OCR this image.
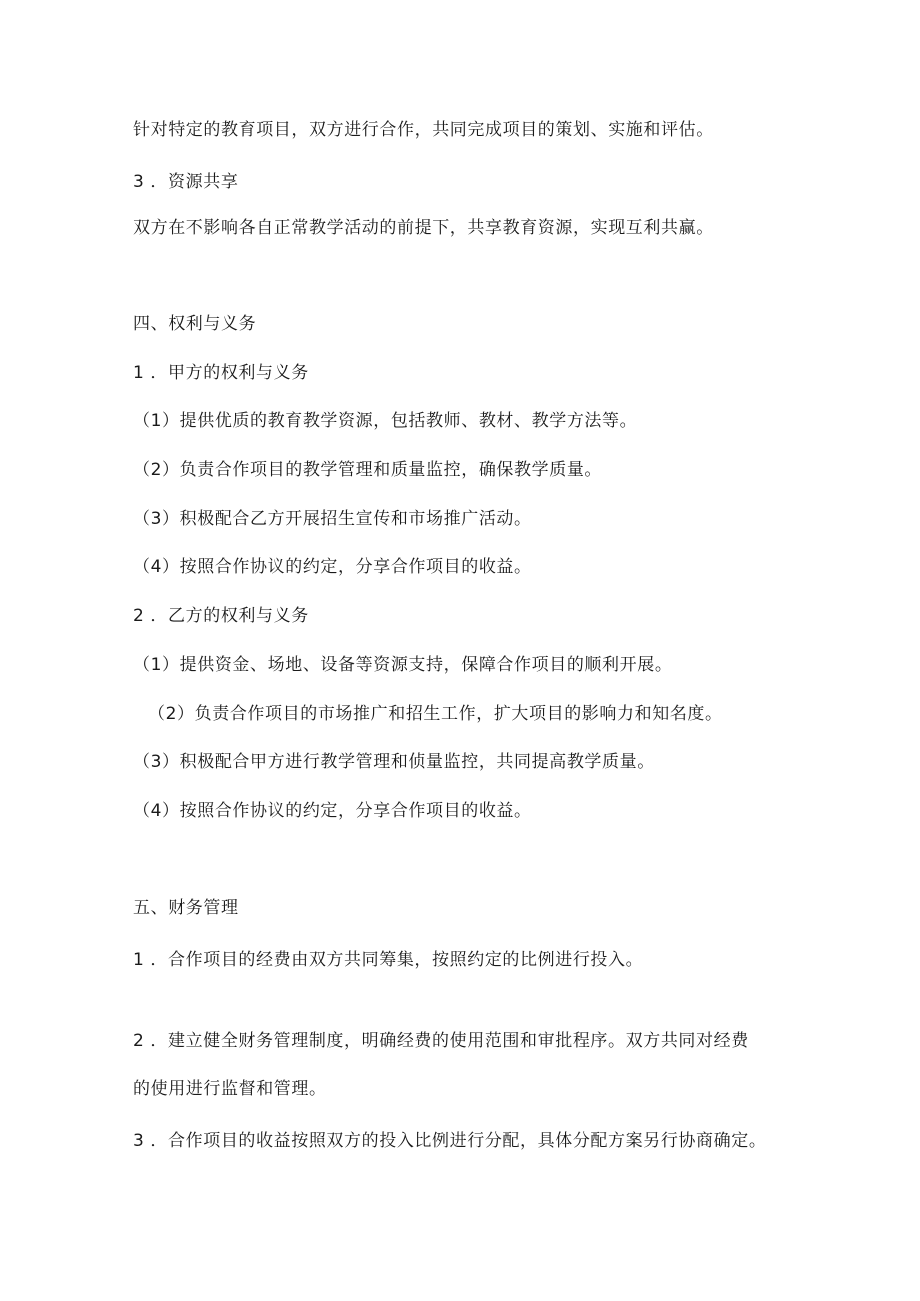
针对特定的教育项目，双方进行合作，共同完成项目的策划、实施和评估。
3 ．资源共享
双方在不影响各自正常教学活动的前提下，共享教育资源，实现互利共赢。
四、权利与义务
1 ．甲方的权利与义务
（1）提供优质的教育教学资源，包括教师、教材、教学方法等。
（2）负责合作项目的教学管理和质量监控，确保教学质量。
（3）积极配合乙方开展招生宣传和市场推广活动。
（4）按照合作协议的约定，分享合作项目的收益。
2 ．乙方的权利与义务
（1）提供资金、场地、设备等资源支持，保障合作项目的顺利开展。
（2）负责合作项目的市场推广和招生工作，扩大项目的影响力和知名度。
（3）积极配合甲方进行教学管理和侦量监控，共同提高教学质量。
（4）按照合作协议的约定，分享合作项目的收益。
五、财务管理
1 ．合作项目的经费由双方共同筹集，按照约定的比例进行投入。
2 ．建立健全财务管理制度，明确经费的使用范围和审批程序。双方共同对经费
的使用进行监督和管理。
3 ．合作项目的收益按照双方的投入比例进行分配，具体分配方案另行协商确定。
